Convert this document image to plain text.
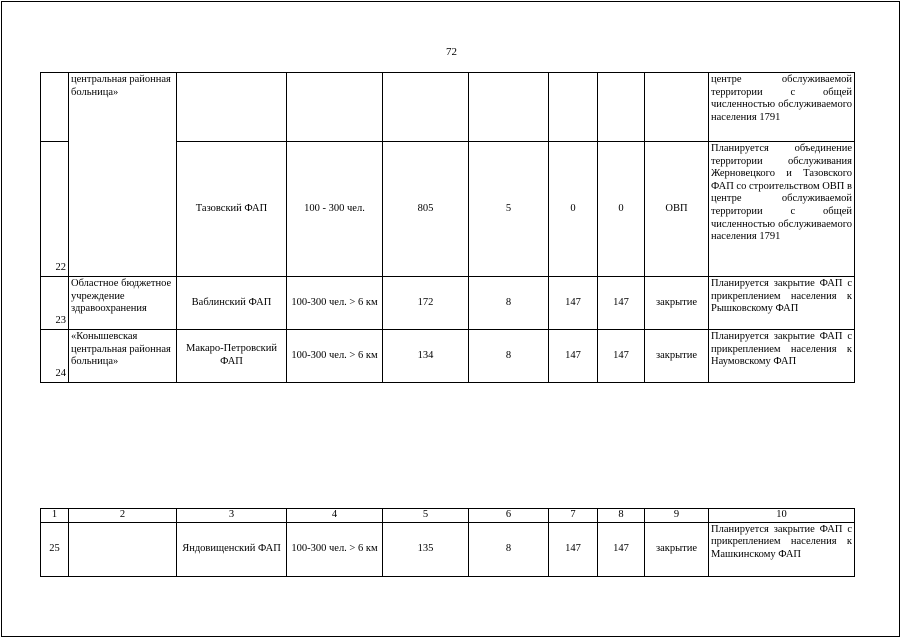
72
	центральная районная больница»								центре обслуживаемой территории с общей численностью обслуживаемого населения 1791
22		Тазовский ФАП	100 - 300 чел.	805	5	0	0	ОВП	Планируется объединение территории обслуживания Жерновецкого и Тазовского ФАП со строительством ОВП в центре обслуживаемой территории с общей численностью обслуживаемого населения 1791
23	Областное бюджетное учреждение здравоохранения	Ваблинский ФАП	100-300 чел. > 6 км	172	8	147	147	закрытие	Планируется закрытие ФАП с прикреплением населения к Рышковскому ФАП
24	«Конышевская центральная районная больница»	Макаро-Петровский ФАП	100-300 чел. > 6 км	134	8	147	147	закрытие	Планируется закрытие ФАП с прикреплением населения к Наумовскому ФАП
1	2	3	4	5	6	7	8	9	10
25		Яндовищенский ФАП	100-300 чел. > 6 км	135	8	147	147	закрытие	Планируется закрытие ФАП с прикреплением населения к Машкинскому ФАП
